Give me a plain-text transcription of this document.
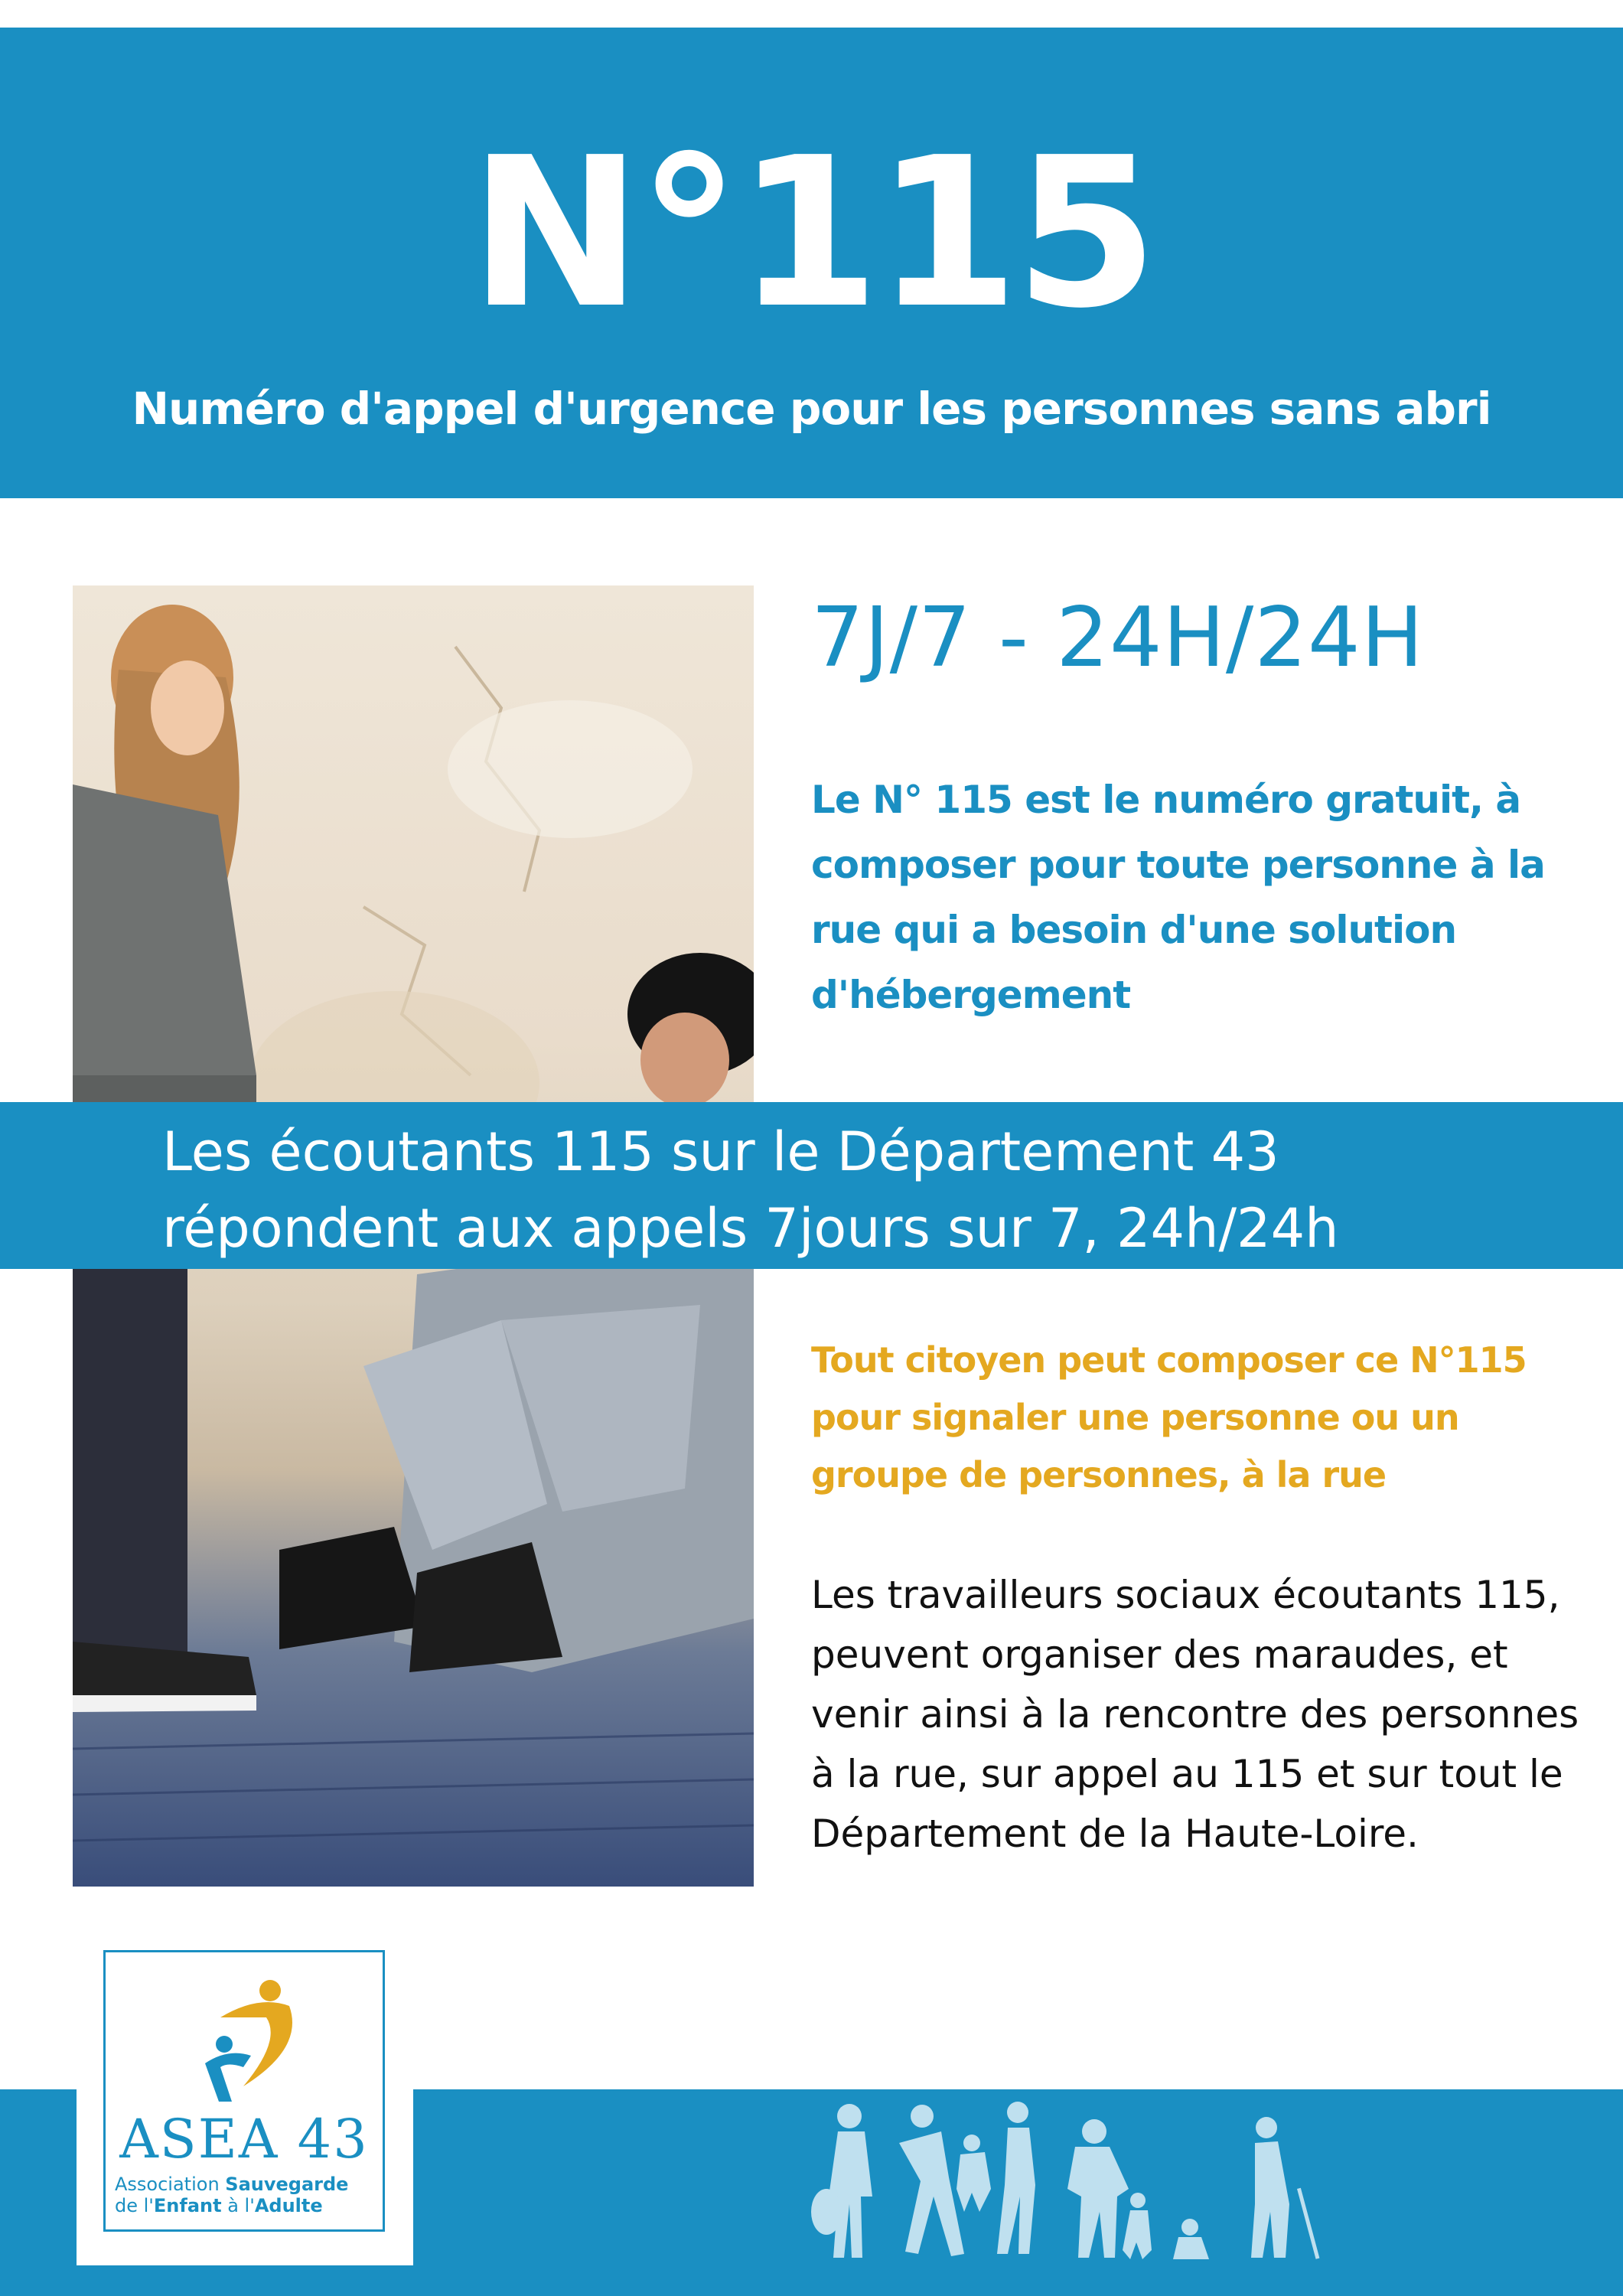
N°115
Numéro d'appel d'urgence pour les personnes sans abri
Les écoutants 115 sur le Département 43
répondent aux appels 7jours sur 7, 24h/24h
7J/7 - 24H/24H
Le N° 115 est le numéro gratuit, à composer pour toute personne à la rue qui a besoin d'une solution d'hébergement
Tout citoyen peut composer ce N°115 pour signaler une personne ou un groupe de personnes, à la rue
Les travailleurs sociaux écoutants 115, peuvent organiser des maraudes, et venir ainsi à la rencontre des personnes à la rue, sur appel au 115 et sur tout le Département de la Haute-Loire.
ASEA 43
Association Sauvegarde
de l'Enfant à l'Adulte
